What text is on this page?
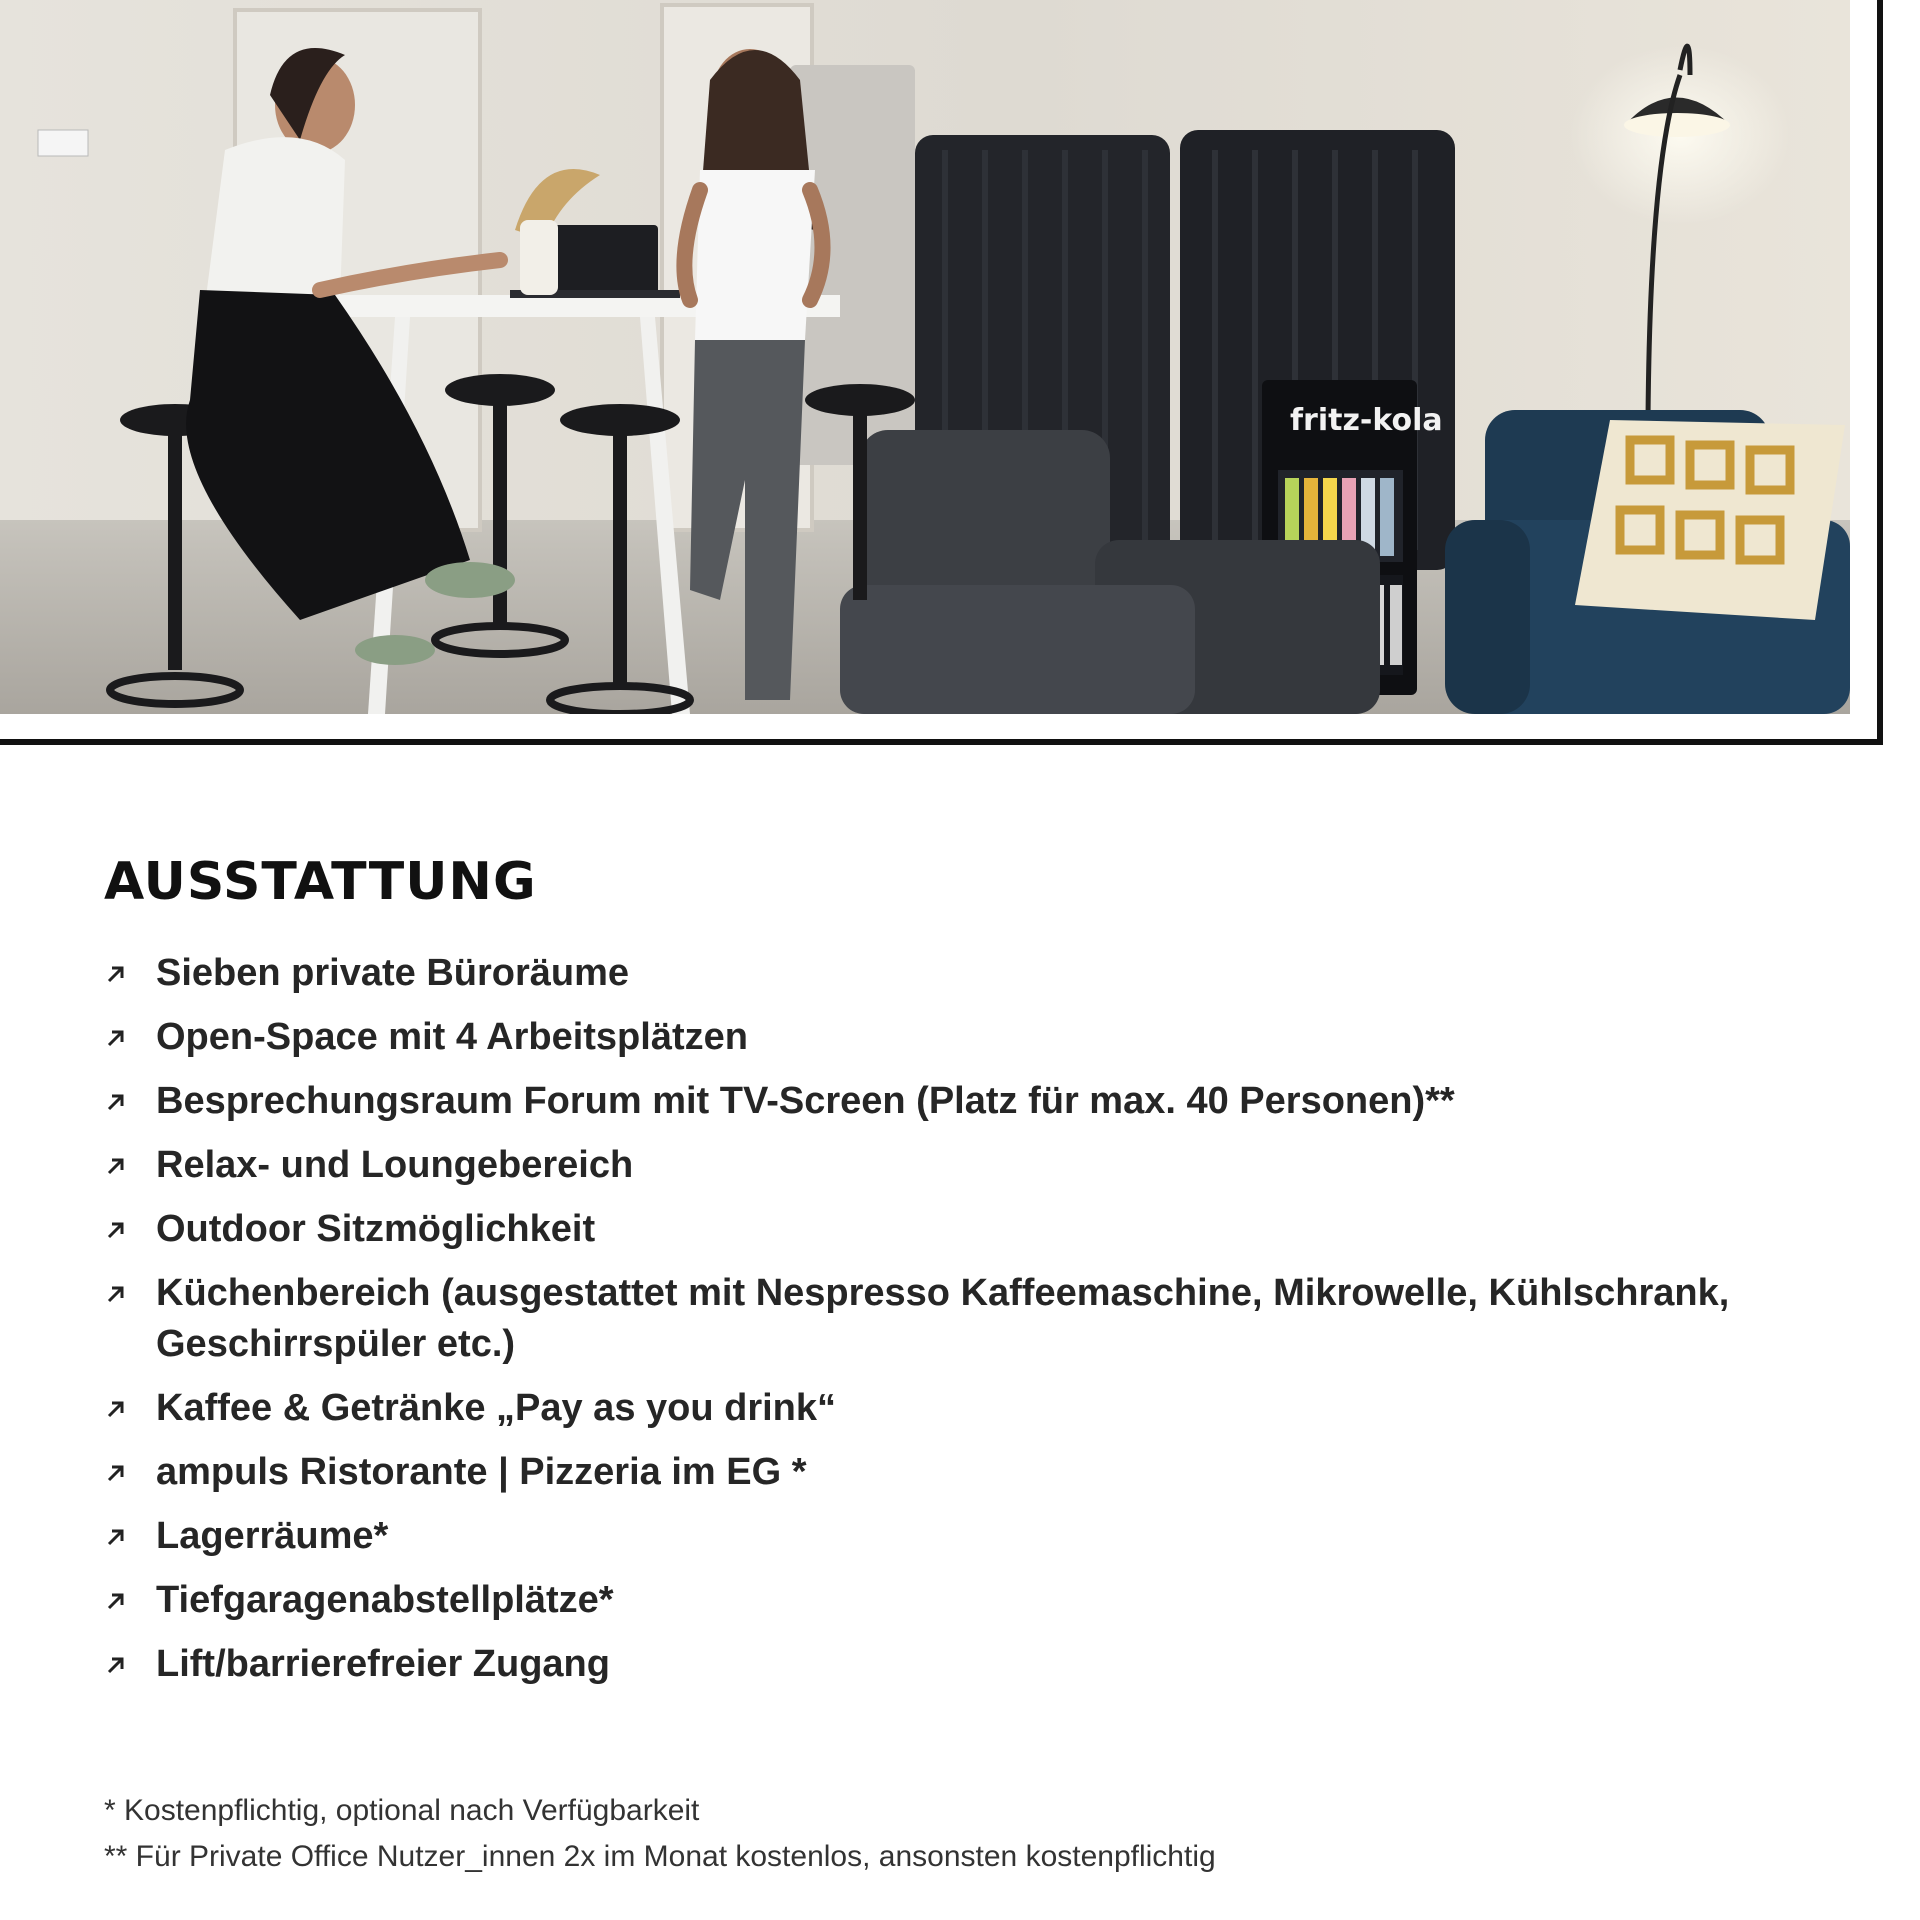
fritz-kola
AUSSTATTUNG
Sieben private Büroräume
Open-Space mit 4 Arbeitsplätzen
Besprechungsraum Forum mit TV-Screen (Platz für max. 40 Personen)**
Relax- und Loungebereich
Outdoor Sitzmöglichkeit
Küchenbereich (ausgestattet mit Nespresso Kaffeemaschine, Mikrowelle, Kühlschrank, Geschirrspüler etc.)
Kaffee & Getränke „Pay as you drink“
ampuls Ristorante | Pizzeria im EG *
Lagerräume*
Tiefgaragenabstellplätze*
Lift/barrierefreier Zugang

* Kostenpflichtig, optional nach Verfügbarkeit

** Für Private Office Nutzer_innen 2x im Monat kostenlos, ansonsten kostenpflichtig
